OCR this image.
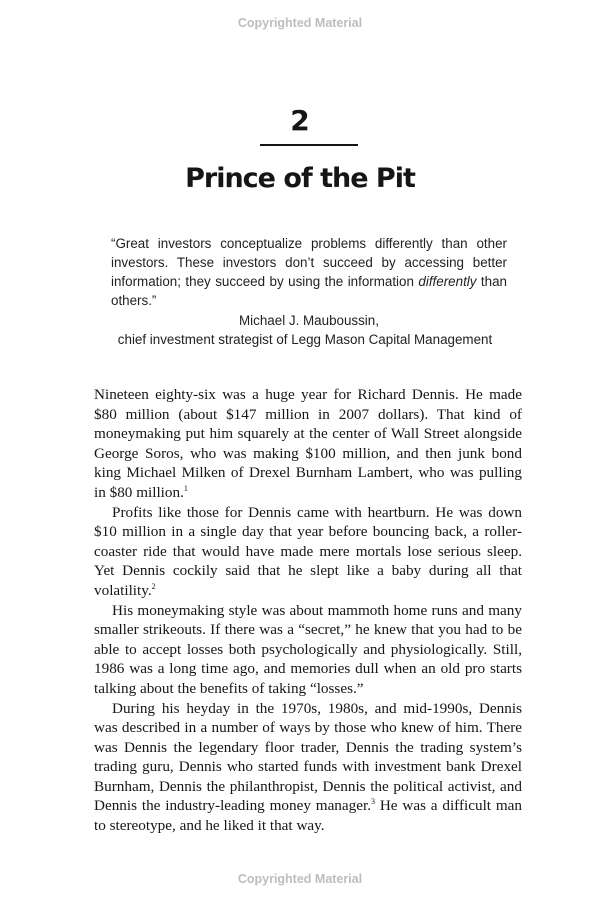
Copyrighted Material
2
Prince of the Pit

“Great investors conceptualize problems differently than other investors. These investors don’t succeed by accessing better information; they succeed by using the information differently than others.”

Michael J. Mauboussin,
chief investment strategist of Legg Mason Capital Management

Nineteen eighty-six was a huge year for Richard Dennis. He made $80 million (about $147 million in 2007 dollars). That kind of moneymaking put him squarely at the center of Wall Street alongside George Soros, who was making $100 million, and then junk bond king Michael Milken of Drexel Burnham Lambert, who was pulling in $80 million.$^1$

Profits like those for Dennis came with heartburn. He was down $10 million in a single day that year before bouncing back, a roller-coaster ride that would have made mere mortals lose serious sleep. Yet Dennis cockily said that he slept like a baby during all that volatility.$^2$

His moneymaking style was about mammoth home runs and many smaller strikeouts. If there was a “secret,” he knew that you had to be able to accept losses both psychologically and physiologically. Still, 1986 was a long time ago, and memories dull when an old pro starts talking about the benefits of taking “losses.”

During his heyday in the 1970s, 1980s, and mid-1990s, Dennis was described in a number of ways by those who knew of him. There was Dennis the legendary floor trader, Dennis the trading system’s trading guru, Dennis who started funds with investment bank Drexel Burnham, Dennis the philanthropist, Dennis the political activist, and Dennis the industry-leading money manager.$^3$ He was a difficult man to stereotype, and he liked it that way.

Copyrighted Material
